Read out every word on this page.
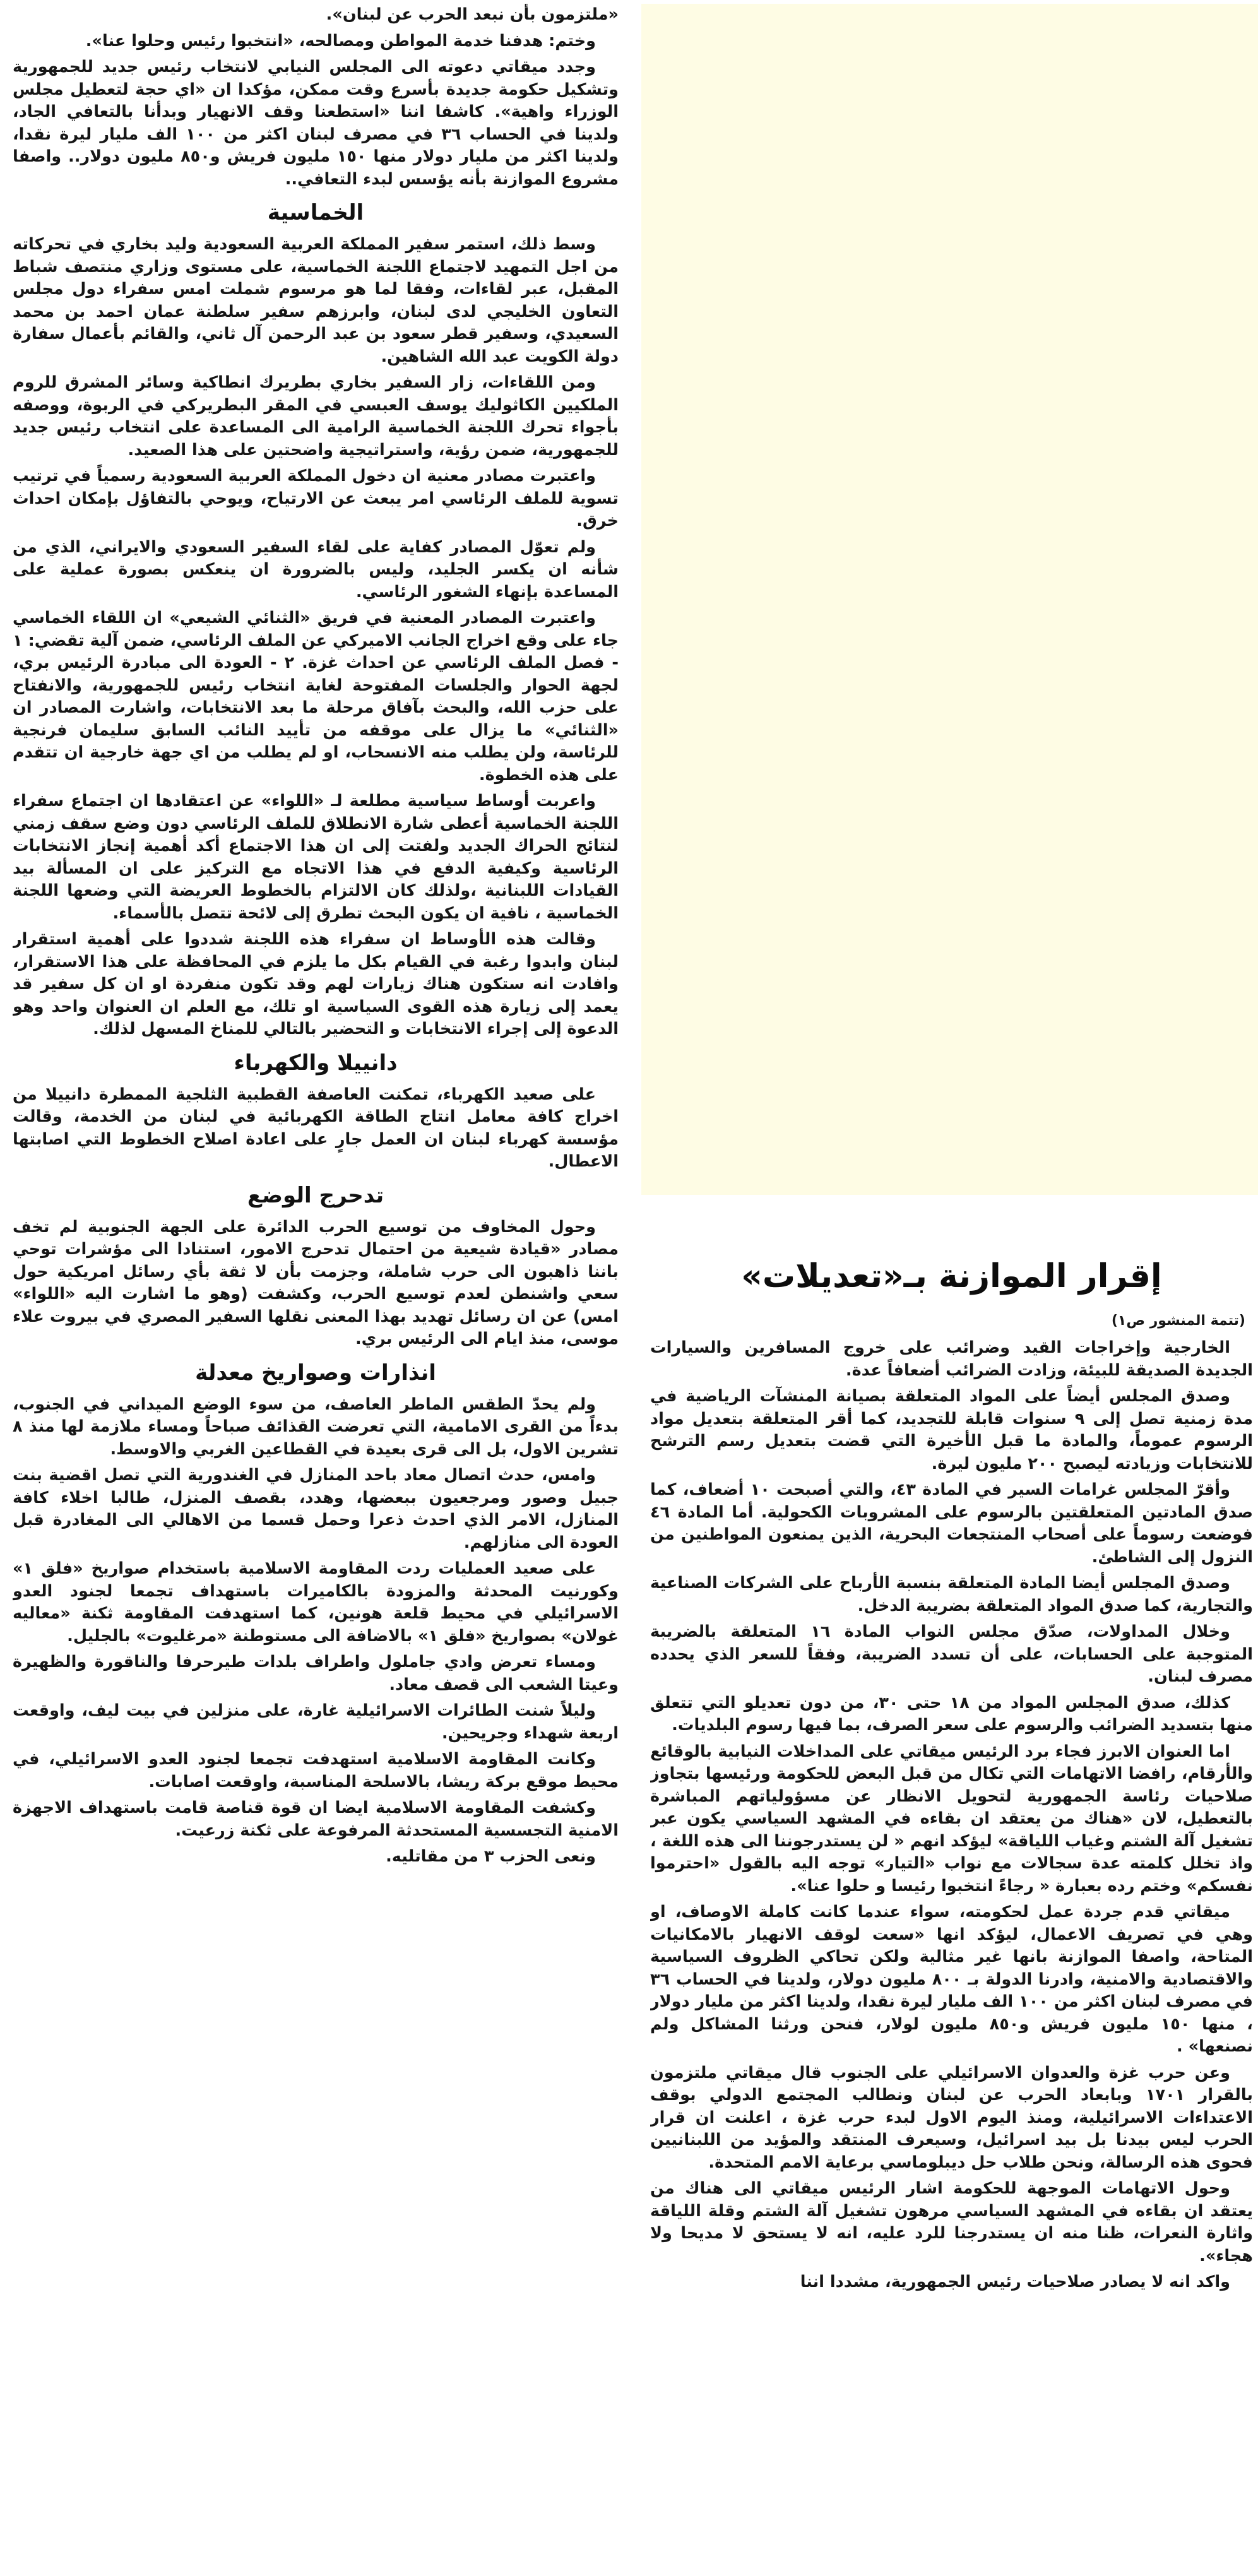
إقرار الموازنة بـ«تعديلات»
(تتمة المنشور ص١)

الخارجية وإخراجات القيد وضرائب على خروج المسافرين والسيارات الجديدة الصديقة للبيئة، وزادت الضرائب أضعافاً عدة.

وصدق المجلس أيضاً على المواد المتعلقة بصيانة المنشآت الرياضية في مدة زمنية تصل إلى ٩ سنوات قابلة للتجديد، كما أقر المتعلقة بتعديل مواد الرسوم عموماً، والمادة ما قبل الأخيرة التي قضت بتعديل رسم الترشح للانتخابات وزيادته ليصبح ٢٠٠ مليون ليرة.

وأقرّ المجلس غرامات السير في المادة ٤٣، والتي أصبحت ١٠ أضعاف، كما صدق المادتين المتعلقتين بالرسوم على المشروبات الكحولية. أما المادة ٤٦ فوضعت رسوماً على أصحاب المنتجعات البحرية، الذين يمنعون المواطنين من النزول إلى الشاطئ.

وصدق المجلس أيضا المادة المتعلقة بنسبة الأرباح على الشركات الصناعية والتجارية، كما صدق المواد المتعلقة بضريبة الدخل.

وخلال المداولات، صدّق مجلس النواب المادة ١٦ المتعلقة بالضريبة المتوجبة على الحسابات، على أن تسدد الضريبة، وفقاً للسعر الذي يحدده مصرف لبنان.

كذلك، صدق المجلس المواد من ١٨ حتى ٣٠، من دون تعديلو التي تتعلق منها بتسديد الضرائب والرسوم على سعر الصرف، بما فيها رسوم البلديات.

اما العنوان الابرز فجاء برد الرئيس ميقاتي على المداخلات النيابية بالوقائع والأرقام، رافضا الاتهامات التي تكال من قبل البعض للحكومة ورئيسها بتجاوز صلاحيات رئاسة الجمهورية لتحويل الانظار عن مسؤولياتهم المباشرة بالتعطيل، لان «هناك من يعتقد ان بقاءه في المشهد السياسي يكون عبر تشغيل آلة الشتم وغياب اللياقة» ليؤكد انهم « لن يستدرجوننا الى هذه اللغة ، واذ تخلل كلمته عدة سجالات مع نواب «التيار» توجه اليه بالقول «احترموا نفسكم» وختم رده بعبارة « رجاءً انتخبوا رئيسا و حلوا عنا».

ميقاتي قدم جردة عمل لحكومته، سواء عندما كانت كاملة الاوصاف، او وهي في تصريف الاعمال، ليؤكد انها «سعت لوقف الانهيار بالامكانيات المتاحة، واصفا الموازنة بانها غير مثالية ولكن تحاكي الظروف السياسية والاقتصادية والامنية، وادرنا الدولة بـ ٨٠٠ مليون دولار، ولدينا في الحساب ٣٦ في مصرف لبنان اكثر من ١٠٠ الف مليار ليرة نقدا، ولدينا اكثر من مليار دولار ، منها ١٥٠ مليون فريش و٨٥٠ مليون لولار، فنحن ورثنا المشاكل ولم نصنعها» .

وعن حرب غزة والعدوان الاسرائيلي على الجنوب قال ميقاتي ملتزمون بالقرار ١٧٠١ وبابعاد الحرب عن لبنان ونطالب المجتمع الدولي بوقف الاعتداءات الاسرائيلية، ومنذ اليوم الاول لبدء حرب غزة ، اعلنت ان قرار الحرب ليس بيدنا بل بيد اسرائيل، وسيعرف المنتقد والمؤيد من اللبنانيين فحوى هذه الرسالة، ونحن طلاب حل ديبلوماسي برعاية الامم المتحدة.

وحول الاتهامات الموجهة للحكومة اشار الرئيس ميقاتي الى هناك من يعتقد ان بقاءه في المشهد السياسي مرهون تشغيل آلة الشتم وقلة اللياقة واثارة النعرات، ظنا منه ان يستدرجنا للرد عليه، انه لا يستحق لا مديحا ولا هجاء».

واكد انه لا يصادر صلاحيات رئيس الجمهورية، مشددا اننا

«ملتزمون بأن نبعد الحرب عن لبنان».

وختم: هدفنا خدمة المواطن ومصالحه، «انتخبوا رئيس وحلوا عنا».

وجدد ميقاتي دعوته الى المجلس النيابي لانتخاب رئيس جديد للجمهورية وتشكيل حكومة جديدة بأسرع وقت ممكن، مؤكدا ان «اي حجة لتعطيل مجلس الوزراء واهية». كاشفا اننا «استطعنا وقف الانهيار وبدأنا بالتعافي الجاد، ولدينا في الحساب ٣٦ في مصرف لبنان اكثر من ١٠٠ الف مليار ليرة نقدا، ولدينا اكثر من مليار دولار منها ١٥٠ مليون فريش و٨٥٠ مليون دولار.. واصفا مشروع الموازنة بأنه يؤسس لبدء التعافي..

الخماسية

وسط ذلك، استمر سفير المملكة العربية السعودية وليد بخاري في تحركاته من اجل التمهيد لاجتماع اللجنة الخماسية، على مستوى وزاري منتصف شباط المقبل، عبر لقاءات، وفقا لما هو مرسوم شملت امس سفراء دول مجلس التعاون الخليجي لدى لبنان، وابرزهم سفير سلطنة عمان احمد بن محمد السعيدي، وسفير قطر سعود بن عبد الرحمن آل ثاني، والقائم بأعمال سفارة دولة الكويت عبد الله الشاهين.

ومن اللقاءات، زار السفير بخاري بطريرك انطاكية وسائر المشرق للروم الملكيين الكاثوليك يوسف العبسي في المقر البطريركي في الربوة، ووصفه بأجواء تحرك اللجنة الخماسية الرامية الى المساعدة على انتخاب رئيس جديد للجمهورية، ضمن رؤية، واستراتيجية واضحتين على هذا الصعيد.

واعتبرت مصادر معنية ان دخول المملكة العربية السعودية رسمياً في ترتيب تسوية للملف الرئاسي امر يبعث عن الارتياح، ويوحي بالتفاؤل بإمكان احداث خرق.

ولم تعوّل المصادر كفاية على لقاء السفير السعودي والايراني، الذي من شأنه ان يكسر الجليد، وليس بالضرورة ان ينعكس بصورة عملية على المساعدة بإنهاء الشغور الرئاسي.

واعتبرت المصادر المعنية في فريق «الثنائي الشيعي» ان اللقاء الخماسي جاء على وقع اخراج الجانب الاميركي عن الملف الرئاسي، ضمن آلية تقضي: ١ - فصل الملف الرئاسي عن احداث غزة. ٢ - العودة الى مبادرة الرئيس بري، لجهة الحوار والجلسات المفتوحة لغاية انتخاب رئيس للجمهورية، والانفتاح على حزب الله، والبحث بآفاق مرحلة ما بعد الانتخابات، واشارت المصادر ان «الثنائي» ما يزال على موقفه من تأييد النائب السابق سليمان فرنجية للرئاسة، ولن يطلب منه الانسحاب، او لم يطلب من اي جهة خارجية ان تتقدم على هذه الخطوة.

واعربت أوساط سياسية مطلعة لـ «اللواء» عن اعتقادها ان اجتماع سفراء اللجنة الخماسية أعطى شارة الانطلاق للملف الرئاسي دون وضع سقف زمني لنتائج الحراك الجديد ولفتت إلى ان هذا الاجتماع أكد أهمية إنجاز الانتخابات الرئاسية وكيفية الدفع في هذا الاتجاه مع التركيز على ان المسألة بيد القيادات اللبنانية ،ولذلك كان الالتزام بالخطوط العريضة التي وضعها اللجنة الخماسية ، نافية ان يكون البحث تطرق إلى لائحة تتصل بالأسماء.

وقالت هذه الأوساط ان سفراء هذه اللجنة شددوا على أهمية استقرار لبنان وابدوا رغبة في القيام بكل ما يلزم في المحافظة على هذا الاستقرار، وافادت انه ستكون هناك زيارات لهم وقد تكون منفردة او ان كل سفير قد يعمد إلى زيارة هذه القوى السياسية او تلك، مع العلم ان العنوان واحد وهو الدعوة إلى إجراء الانتخابات و التحضير بالتالي للمناخ المسهل لذلك.

دانييلا والكهرباء

على صعيد الكهرباء، تمكنت العاصفة القطبية الثلجية الممطرة دانييلا من اخراج كافة معامل انتاج الطاقة الكهربائية في لبنان من الخدمة، وقالت مؤسسة كهرباء لبنان ان العمل جارٍ على اعادة اصلاح الخطوط التي اصابتها الاعطال.

تدحرج الوضع

وحول المخاوف من توسيع الحرب الدائرة على الجهة الجنوبية لم تخف مصادر «قيادة شيعية من احتمال تدحرج الامور، استنادا الى مؤشرات توحي باننا ذاهبون الى حرب شاملة، وجزمت بأن لا ثقة بأي رسائل امريكية حول سعي واشنطن لعدم توسيع الحرب، وكشفت (وهو ما اشارت اليه «اللواء» امس) عن ان رسائل تهديد بهذا المعنى نقلها السفير المصري في بيروت علاء موسى، منذ ايام الى الرئيس بري.

انذارات وصواريخ معدلة

ولم يحدّ الطقس الماطر العاصف، من سوء الوضع الميداني في الجنوب، بدءاً من القرى الامامية، التي تعرضت القذائف صباحاً ومساء ملازمة لها منذ ٨ تشرين الاول، بل الى قرى بعيدة في القطاعين الغربي والاوسط.

وامس، حدث اتصال معاد باحد المنازل في الغندورية التي تصل اقضية بنت جبيل وصور ومرجعيون ببعضها، وهدد، بقصف المنزل، طالبا اخلاء كافة المنازل، الامر الذي احدث ذعرا وحمل قسما من الاهالي الى المغادرة قبل العودة الى منازلهم.

على صعيد العمليات ردت المقاومة الاسلامية باستخدام صواريخ «فلق ١» وكورنيت المحدثة والمزودة بالكاميرات باستهداف تجمعا لجنود العدو الاسرائيلي في محيط قلعة هونين، كما استهدفت المقاومة ثكنة «معاليه غولان» بصواريخ «فلق ١» بالاضافة الى مستوطنة «مرغليوت» بالجليل.

ومساء تعرض وادي جاملول واطراف بلدات طيرحرفا والناقورة والظهيرة وعيتا الشعب الى قصف معاد.

وليلاً شنت الطائرات الاسرائيلية غارة، على منزلين في بيت ليف، واوقعت اربعة شهداء وجريحين.

وكانت المقاومة الاسلامية استهدفت تجمعا لجنود العدو الاسرائيلي، في محيط موقع بركة ريشا، بالاسلحة المناسبة، واوقعت اصابات.

وكشفت المقاومة الاسلامية ايضا ان قوة قناصة قامت باستهداف الاجهزة الامنية التجسسية المستحدثة المرفوعة على ثكنة زرعيت.

ونعى الحزب ٣ من مقاتليه.
